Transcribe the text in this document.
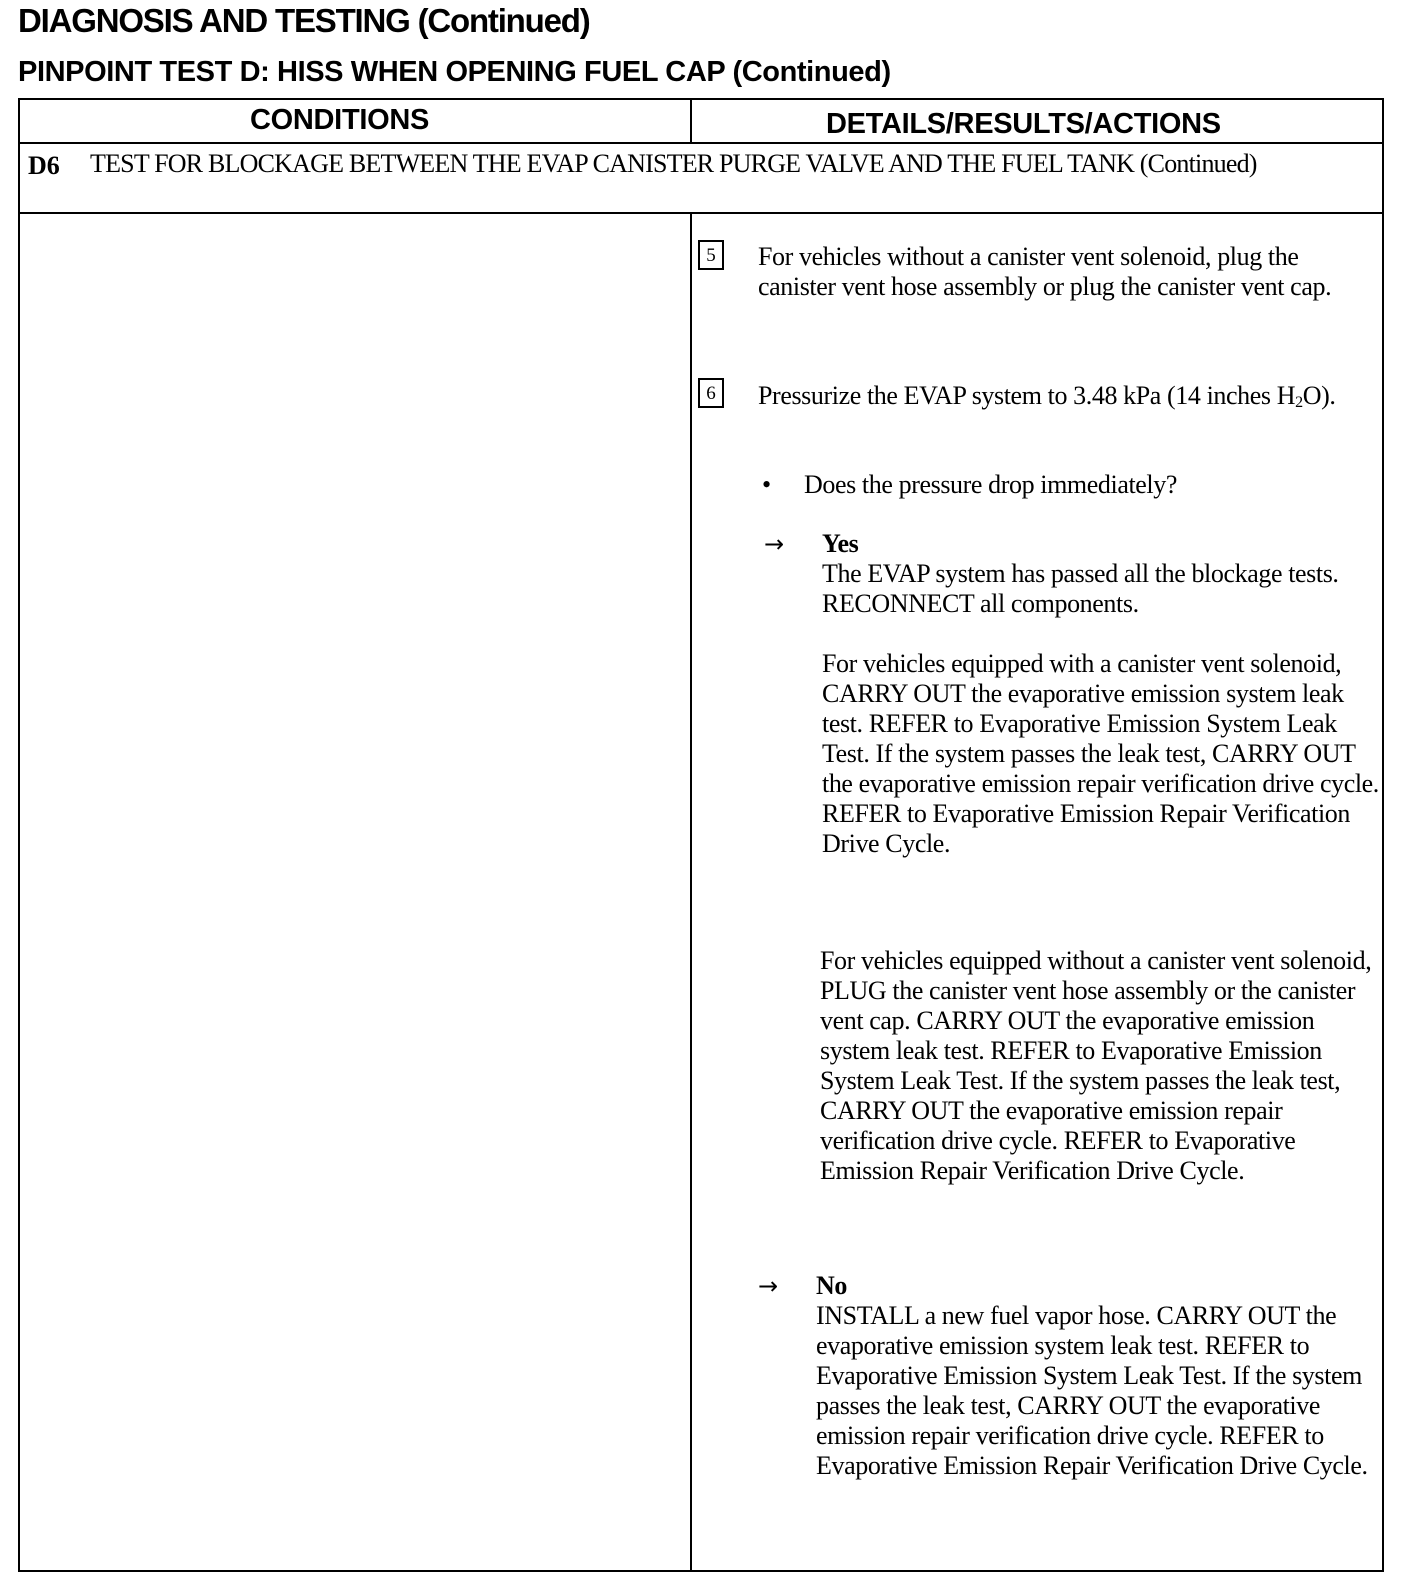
DIAGNOSIS AND TESTING (Continued)
PINPOINT TEST D: HISS WHEN OPENING FUEL CAP (Continued)
CONDITIONS	DETAILS/RESULTS/ACTIONS
D6 TEST FOR BLOCKAGE BETWEEN THE EVAP CANISTER PURGE VALVE AND THE FUEL TANK (Continued)
5	For vehicles without a canister vent solenoid, plug the canister vent hose assembly or plug the canister vent cap.
6	Pressurize the EVAP system to 3.48 kPa (14 inches $H_2O$).
• Does the pressure drop immediately?
→ Yes
The EVAP system has passed all the blockage tests. RECONNECT all components.
For vehicles equipped with a canister vent solenoid, CARRY OUT the evaporative emission system leak test. REFER to Evaporative Emission System Leak Test. If the system passes the leak test, CARRY OUT the evaporative emission repair verification drive cycle. REFER to Evaporative Emission Repair Verification Drive Cycle.
For vehicles equipped without a canister vent solenoid, PLUG the canister vent hose assembly or the canister vent cap. CARRY OUT the evaporative emission system leak test. REFER to Evaporative Emission System Leak Test. If the system passes the leak test, CARRY OUT the evaporative emission repair verification drive cycle. REFER to Evaporative Emission Repair Verification Drive Cycle.
→ No
INSTALL a new fuel vapor hose. CARRY OUT the evaporative emission system leak test. REFER to Evaporative Emission System Leak Test. If the system passes the leak test, CARRY OUT the evaporative emission repair verification drive cycle. REFER to Evaporative Emission Repair Verification Drive Cycle.
